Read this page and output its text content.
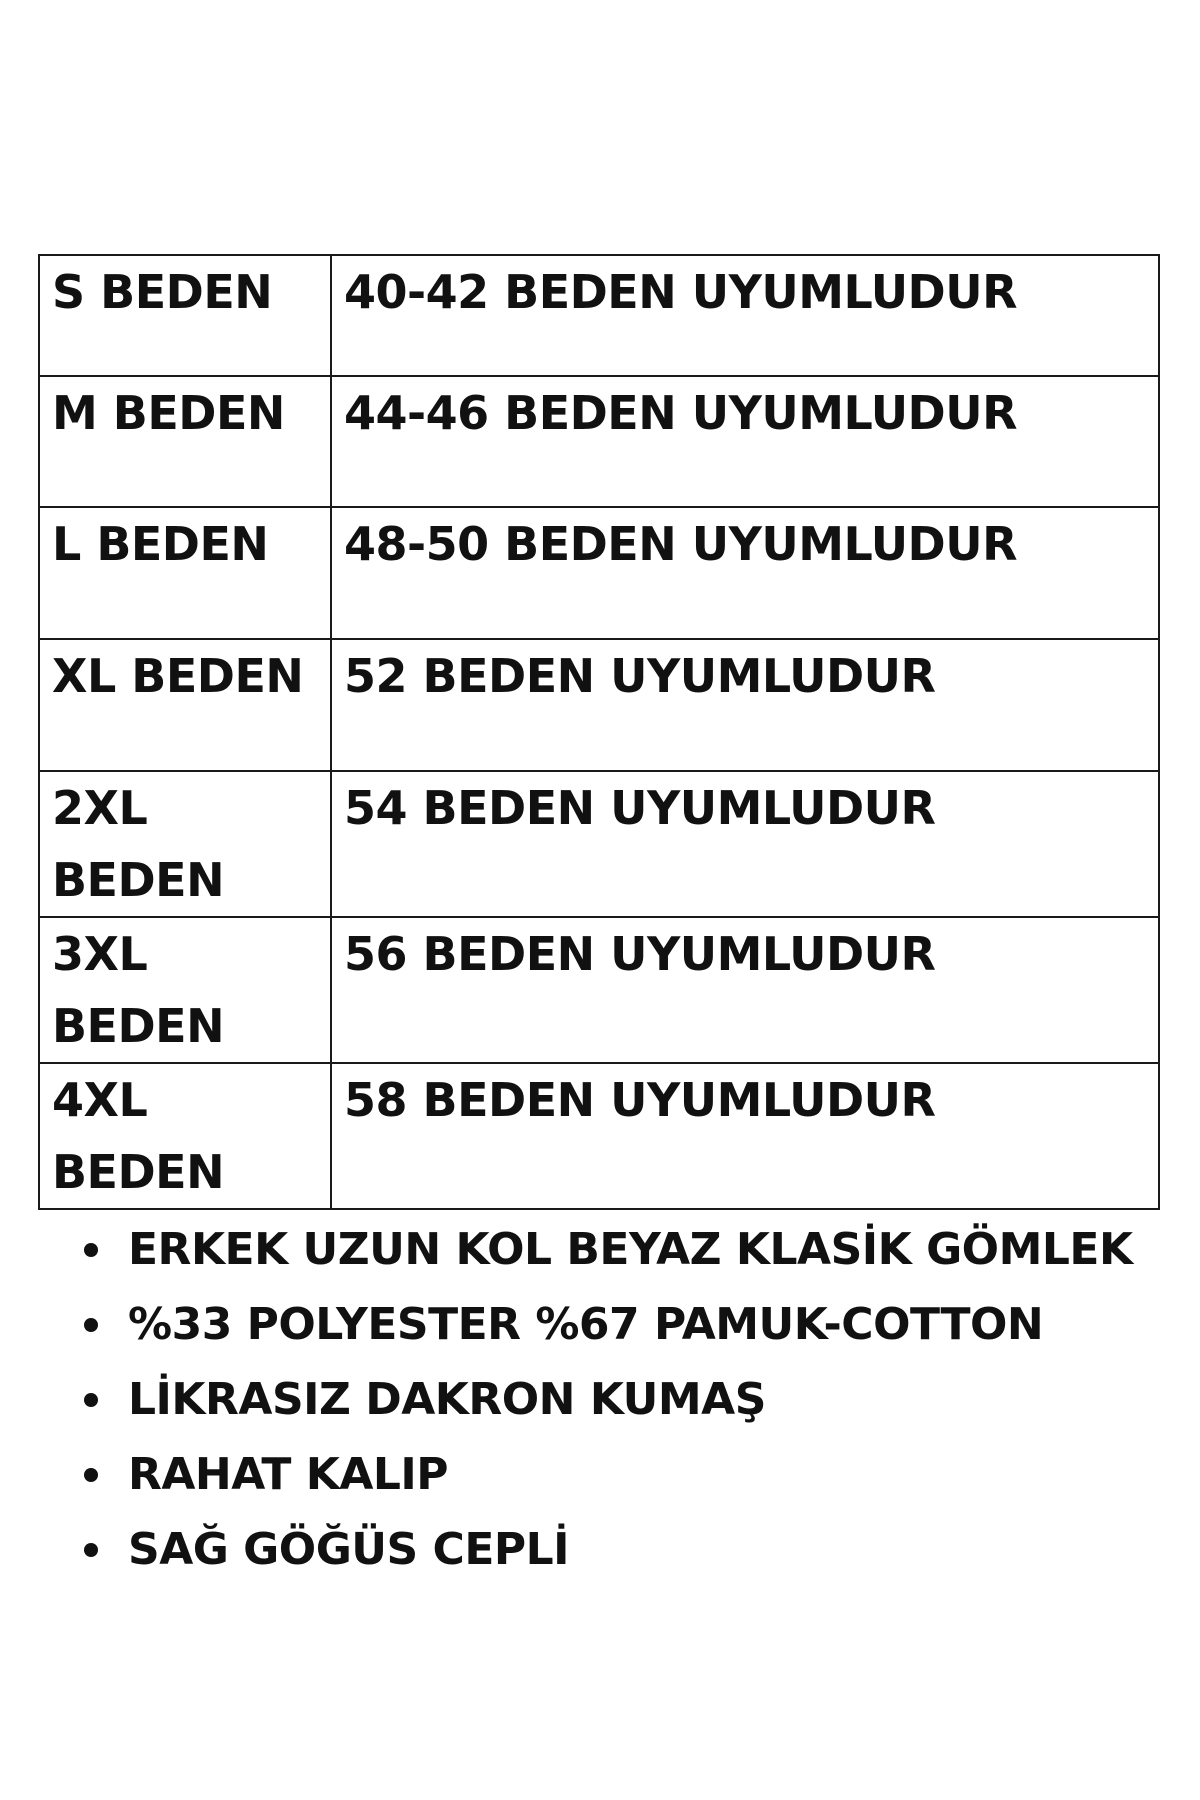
S BEDEN	40-42 BEDEN UYUMLUDUR
M BEDEN	44-46 BEDEN UYUMLUDUR
L BEDEN	48-50 BEDEN UYUMLUDUR
XL BEDEN	52 BEDEN UYUMLUDUR
2XL BEDEN	54 BEDEN UYUMLUDUR
3XL BEDEN	56 BEDEN UYUMLUDUR
4XL BEDEN	58 BEDEN UYUMLUDUR
ERKEK UZUN KOL BEYAZ KLASİK GÖMLEK
%33 POLYESTER %67 PAMUK-COTTON
LİKRASIZ DAKRON KUMAŞ
RAHAT KALIP
SAĞ GÖĞÜS CEPLİ
